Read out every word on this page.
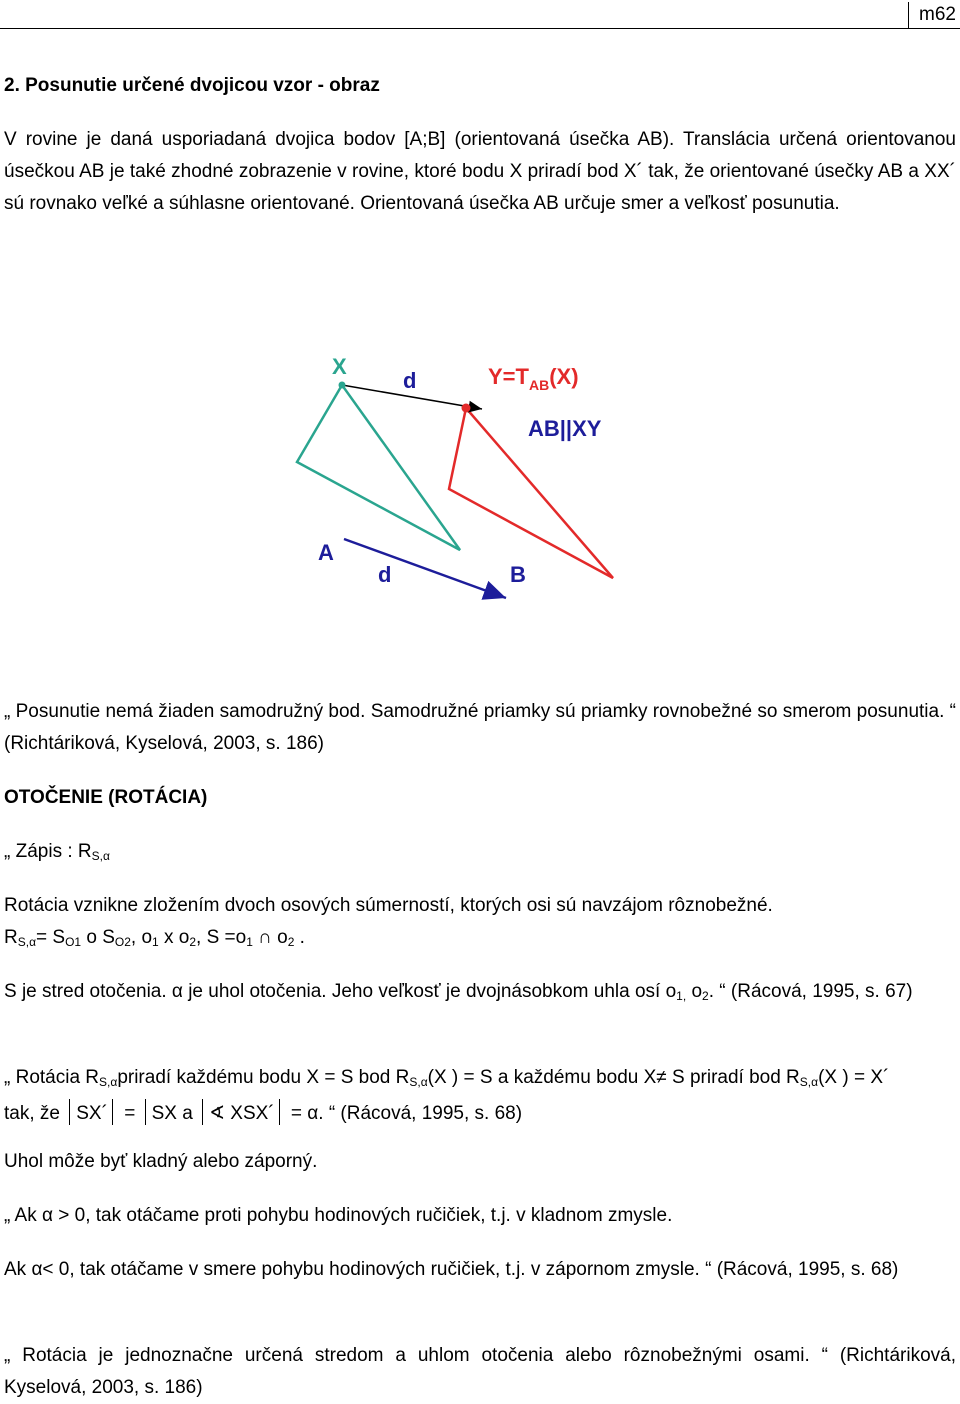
m62

2. Posunutie určené dvojicou vzor - obraz

V rovine je daná usporiadaná dvojica bodov [A;B] (orientovaná úsečka AB). Translácia určená orientovanou úsečkou AB je také zhodné zobrazenie v rovine, ktoré bodu X priradí bod X´ tak, že orientované úsečky AB a XX´ sú rovnako veľké a súhlasne orientované. Orientovaná úsečka AB určuje smer a veľkosť posunutia.

X
d	$Y=T_{AB}(X)$
AB||XY
A
d	B

„ Posunutie nemá žiaden samodružný bod. Samodružné priamky sú priamky rovnobežné so smerom posunutia. “ (Richtáriková, Kyselová, 2003, s. 186)

OTOČENIE (ROTÁCIA)

„ Zápis : $R_{S,\alpha}$

Rotácia vznikne zložením dvoch osových súmerností, ktorých osi sú navzájom rôznobežné.

$R_{S,\alpha}= S_{O1}$ o $S_{O2}$, $o_1$ x $o_2$, $S =o_1$ ∩ $o_2$ .

S je stred otočenia. α je uhol otočenia. Jeho veľkosť je dvojnásobkom uhla osí $o_{1,}$ $o_2$. “ (Rácová, 1995, s. 67)

„ Rotácia $R_{S,\alpha}priradí$ každému bodu X = S bod $R_{S,\alpha}(X$ ) = S a každému bodu X≠ S priradí bod $R_{S,\alpha}(X$ ) = X´
tak, že SX´ = SX a ∢ XSX´ = α. “ (Rácová, 1995, s. 68)

Uhol môže byť kladný alebo záporný.

„ Ak α > 0, tak otáčame proti pohybu hodinových ručičiek, t.j. v kladnom zmysle.

Ak α< 0, tak otáčame v smere pohybu hodinových ručičiek, t.j. v zápornom zmysle. “ (Rácová, 1995, s. 68)

„ Rotácia je jednoznačne určená stredom a uhlom otočenia alebo rôznobežnými osami. “ (Richtáriková, Kyselová, 2003, s. 186)
